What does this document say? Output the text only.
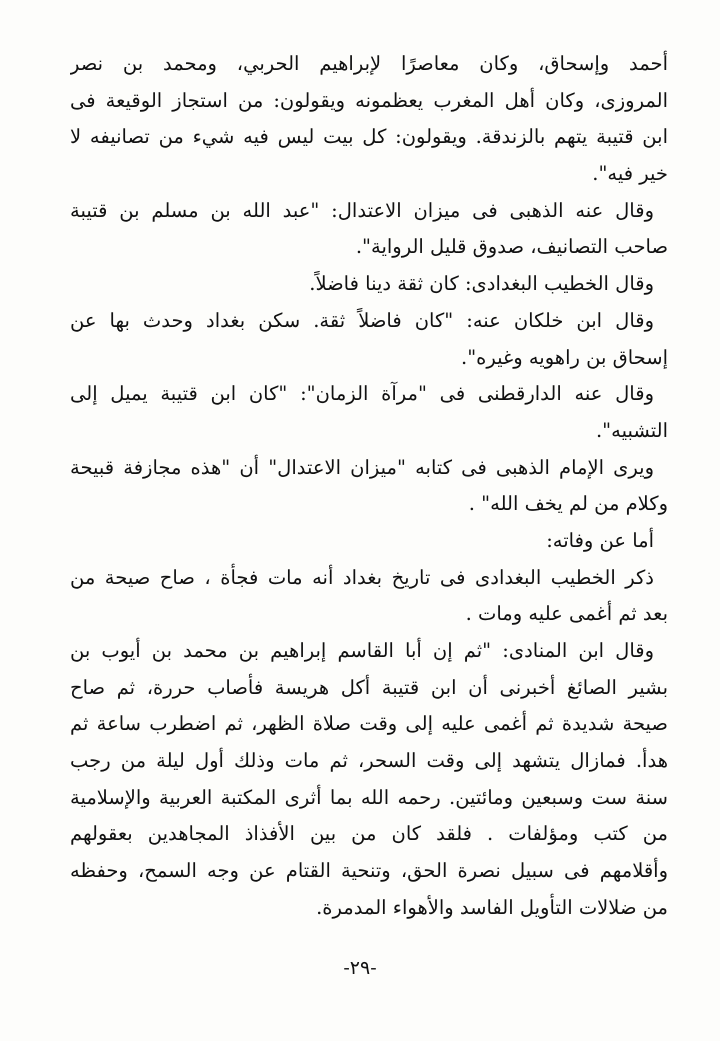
أحمد وإسحاق، وكان معاصرًا لإبراهيم الحربي، ومحمد بن نصر
المروزى، وكان أهل المغرب يعظمونه ويقولون: من استجاز الوقيعة فى
ابن قتيبة يتهم بالزندقة. ويقولون: كل بيت ليس فيه شيء من تصانيفه لا
خير فيه".
وقال عنه الذهبى فى ميزان الاعتدال: "عبد الله بن مسلم بن قتيبة
صاحب التصانيف، صدوق قليل الرواية".
وقال الخطيب البغدادى: كان ثقة دينا فاضلاً.
وقال ابن خلكان عنه: "كان فاضلاً ثقة. سكن بغداد وحدث بها عن
إسحاق بن راهويه وغيره".
وقال عنه الدارقطنى فى "مرآة الزمان": "كان ابن قتيبة يميل إلى
التشبيه".
ويرى الإمام الذهبى فى كتابه "ميزان الاعتدال" أن "هذه مجازفة قبيحة
وكلام من لم يخف الله" .
أما عن وفاته:
ذكر الخطيب البغدادى فى تاريخ بغداد أنه مات فجأة ، صاح صيحة من
بعد ثم أغمى عليه ومات .
وقال ابن المنادى: "ثم إن أبا القاسم إبراهيم بن محمد بن أيوب بن
بشير الصائغ أخبرنى أن ابن قتيبة أكل هريسة فأصاب حررة، ثم صاح
صيحة شديدة ثم أغمى عليه إلى وقت صلاة الظهر، ثم اضطرب ساعة ثم
هدأ. فمازال يتشهد إلى وقت السحر، ثم مات وذلك أول ليلة من رجب
سنة ست وسبعين ومائتين. رحمه الله بما أثرى المكتبة العربية والإسلامية
من كتب ومؤلفات . فلقد كان من بين الأفذاذ المجاهدين بعقولهم
وأقلامهم فى سبيل نصرة الحق، وتنحية القتام عن وجه السمح، وحفظه
من ضلالات التأويل الفاسد والأهواء المدمرة.
-٢٩-
